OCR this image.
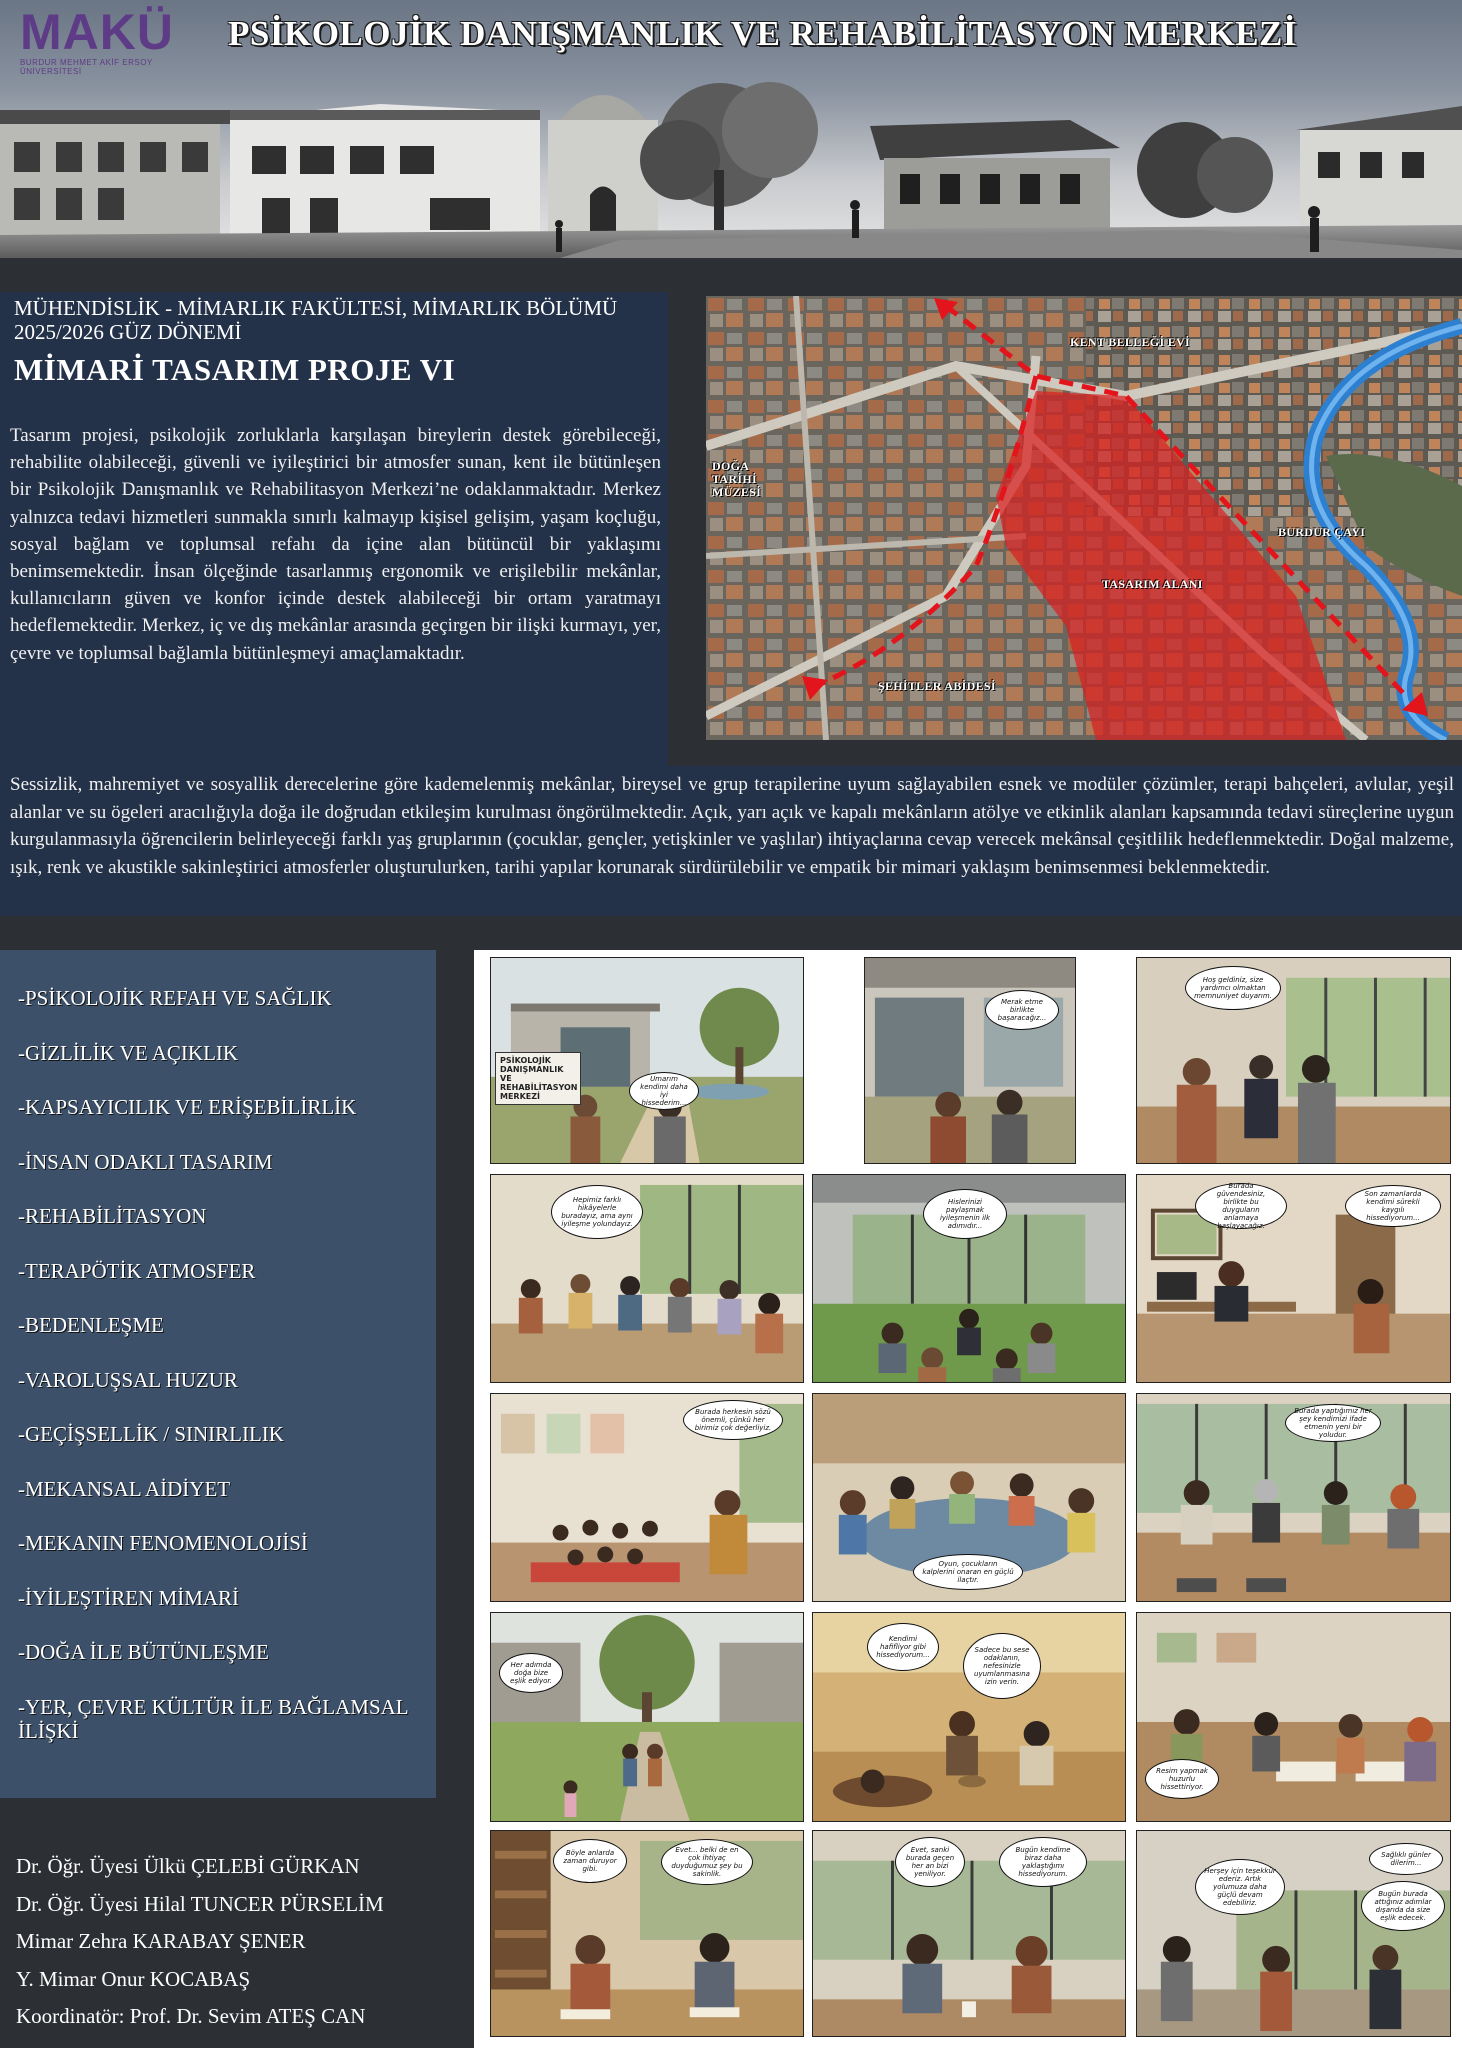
MAKÜ
BURDUR MEHMET AKİF ERSOY ÜNİVERSİTESİ
PSİKOLOJİK DANIŞMANLIK VE REHABİLİTASYON MERKEZİ
MÜHENDİSLİK - MİMARLIK FAKÜLTESİ, MİMARLIK BÖLÜMÜ 2025/2026 GÜZ DÖNEMİ
MİMARİ TASARIM PROJE VI
Tasarım projesi, psikolojik zorluklarla karşılaşan bireylerin destek görebileceği, rehabilite olabileceği, güvenli ve iyileştirici bir atmosfer sunan, kent ile bütünleşen bir Psikolojik Danışmanlık ve Rehabilitasyon Merkezi’ne odaklanmaktadır. Merkez yalnızca tedavi hizmetleri sunmakla sınırlı kalmayıp kişisel gelişim, yaşam koçluğu, sosyal bağlam ve toplumsal refahı da içine alan bütüncül bir yaklaşımı benimsemektedir. İnsan ölçeğinde tasarlanmış ergonomik ve erişilebilir mekânlar, kullanıcıların güven ve konfor içinde destek alabileceği bir ortam yaratmayı hedeflemektedir. Merkez, iç ve dış mekânlar arasında geçirgen bir ilişki kurmayı, yer, çevre ve toplumsal bağlamla bütünleşmeyi amaçlamaktadır.
KENT BELLEĞİ EVİ
DOĞA TARİHİ MÜZESİ
BURDUR ÇAYI
TASARIM ALANI
ŞEHİTLER ABİDESİ
Sessizlik, mahremiyet ve sosyallik derecelerine göre kademelenmiş mekânlar, bireysel ve grup terapilerine uyum sağlayabilen esnek ve modüler çözümler, terapi bahçeleri, avlular, yeşil alanlar ve su ögeleri aracılığıyla doğa ile doğrudan etkileşim kurulması öngörülmektedir. Açık, yarı açık ve kapalı mekânların atölye ve etkinlik alanları kapsamında tedavi süreçlerine uygun kurgulanmasıyla öğrencilerin belirleyeceği farklı yaş gruplarının (çocuklar, gençler, yetişkinler ve yaşlılar) ihtiyaçlarına cevap verecek mekânsal çeşitlilik hedeflenmektedir. Doğal malzeme, ışık, renk ve akustikle sakinleştirici atmosferler oluşturulurken, tarihi yapılar korunarak sürdürülebilir ve empatik bir mimari yaklaşım benimsenmesi beklenmektedir.
-PSİKOLOJİK REFAH VE SAĞLIK
-GİZLİLİK VE AÇIKLIK
-KAPSAYICILIK VE ERİŞEBİLİRLİK
-İNSAN ODAKLI TASARIM
-REHABİLİTASYON
-TERAPÖTİK ATMOSFER
-BEDENLEŞME
-VAROLUŞSAL HUZUR
-GEÇİŞSELLİK / SINIRLILIK
-MEKANSAL AİDİYET
-MEKANIN FENOMENOLOJİSİ
-İYİLEŞTİREN MİMARİ
-DOĞA İLE BÜTÜNLEŞME
-YER, ÇEVRE KÜLTÜR İLE BAĞLAMSAL İLİŞKİ
Dr. Öğr. Üyesi Ülkü ÇELEBİ GÜRKAN
Dr. Öğr. Üyesi Hilal TUNCER PÜRSELİM
Mimar Zehra KARABAY ŞENER
Y. Mimar Onur KOCABAŞ
Koordinatör: Prof. Dr. Sevim ATEŞ CAN
PSİKOLOJİK DANIŞMANLIK VE REHABİLİTASYON MERKEZİ
Umarım kendimi daha iyi hissederim...
Merak etme birlikte başaracağız...
Hoş geldiniz, size yardımcı olmaktan memnuniyet duyarım.
Hepimiz farklı hikâyelerle buradayız, ama aynı iyileşme yolundayız.
Hislerinizi paylaşmak iyileşmenin ilk adımıdır...
Burada güvendesiniz, birlikte bu duyguların anlamaya başlayacağız.
Son zamanlarda kendimi sürekli kaygılı hissediyorum...
Burada herkesin sözü önemli, çünkü her birimiz çok değerliyiz.
Oyun, çocukların kalplerini onaran en güçlü ilaçtır.
Burada yaptığımız her şey kendimizi ifade etmenin yeni bir yoludur.
Her adımda doğa bize eşlik ediyor.
Kendimi hafifliyor gibi hissediyorum...
Sadece bu sese odaklanın, nefesinizle uyumlanmasına izin verin.
Resim yapmak huzurlu hissettiriyor.
Böyle anlarda zaman duruyor gibi.
Evet... belki de en çok ihtiyaç duyduğumuz şey bu sakinlik.
Evet, sanki burada geçen her an bizi yeniliyor.
Bugün kendime biraz daha yaklaştığımı hissediyorum.	Herşey için teşekkür ederiz. Artık yolumuza daha güçlü devam edebiliriz.
Sağlıklı günler dilerim...
Bugün burada attığınız adımlar dışarıda da size eşlik edecek.
